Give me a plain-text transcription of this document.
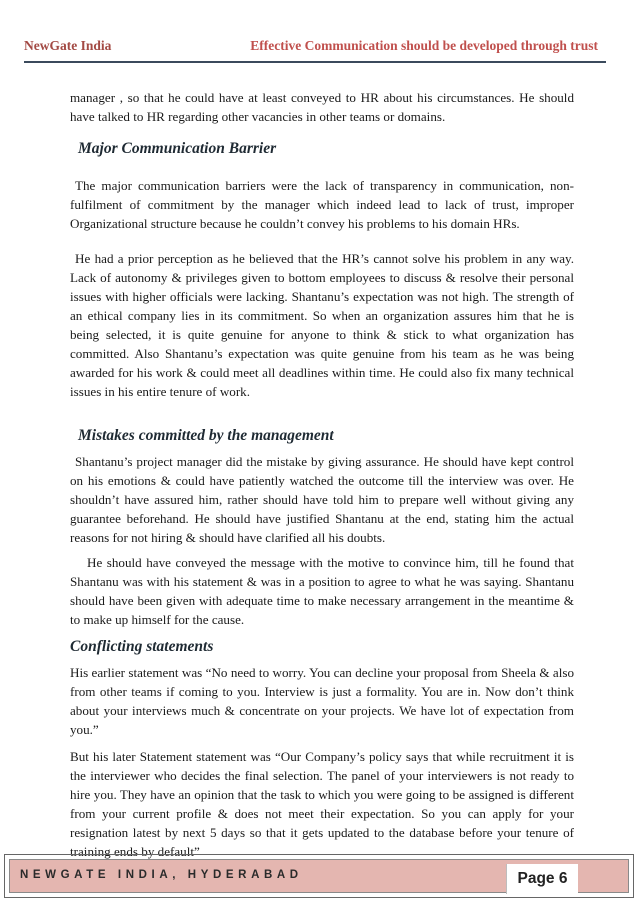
NewGate India	Effective Communication should be developed through trust

manager , so that he could have at least conveyed to HR about his circumstances. He should have talked to HR regarding other vacancies in other teams or domains.

Major Communication Barrier

The major communication barriers were the lack of transparency in communication, non-fulfilment of commitment by the manager which indeed lead to lack of trust, improper Organizational structure because he couldn’t convey his problems to his domain HRs.

He had a prior perception as he believed that the HR’s cannot solve his problem in any way. Lack of autonomy & privileges given to bottom employees to discuss & resolve their personal issues with higher officials were lacking. Shantanu’s expectation was not high. The strength of an ethical company lies in its commitment. So when an organization assures him that he is being selected, it is quite genuine for anyone to think & stick to what organization has committed. Also Shantanu’s expectation was quite genuine from his team as he was being awarded for his work & could meet all deadlines within time. He could also fix many technical issues in his entire tenure of work.

Mistakes committed by the management

Shantanu’s project manager did the mistake by giving assurance. He should have kept control on his emotions & could have patiently watched the outcome till the interview was over. He shouldn’t have assured him, rather should have told him to prepare well without giving any guarantee beforehand. He should have justified Shantanu at the end, stating him the actual reasons for not hiring & should have clarified all his doubts.

He should have conveyed the message with the motive to convince him, till he found that Shantanu was with his statement & was in a position to agree to what he was saying. Shantanu should have been given with adequate time to make necessary arrangement in the meantime & to make up himself for the cause.

Conflicting statements

His earlier statement was “No need to worry. You can decline your proposal from Sheela & also from other teams if coming to you. Interview is just a formality. You are in. Now don’t think about your interviews much & concentrate on your projects. We have lot of expectation from you.”

But his later Statement statement was “Our Company’s policy says that while recruitment it is the interviewer who decides the final selection. The panel of your interviewers is not ready to hire you. They have an opinion that the task to which you were going to be assigned is different from your current profile & does not meet their expectation. So you can apply for your resignation latest by next 5 days so that it gets updated to the database before your tenure of training ends by default”

NEWGATE INDIA, HYDERABAD	Page 6
